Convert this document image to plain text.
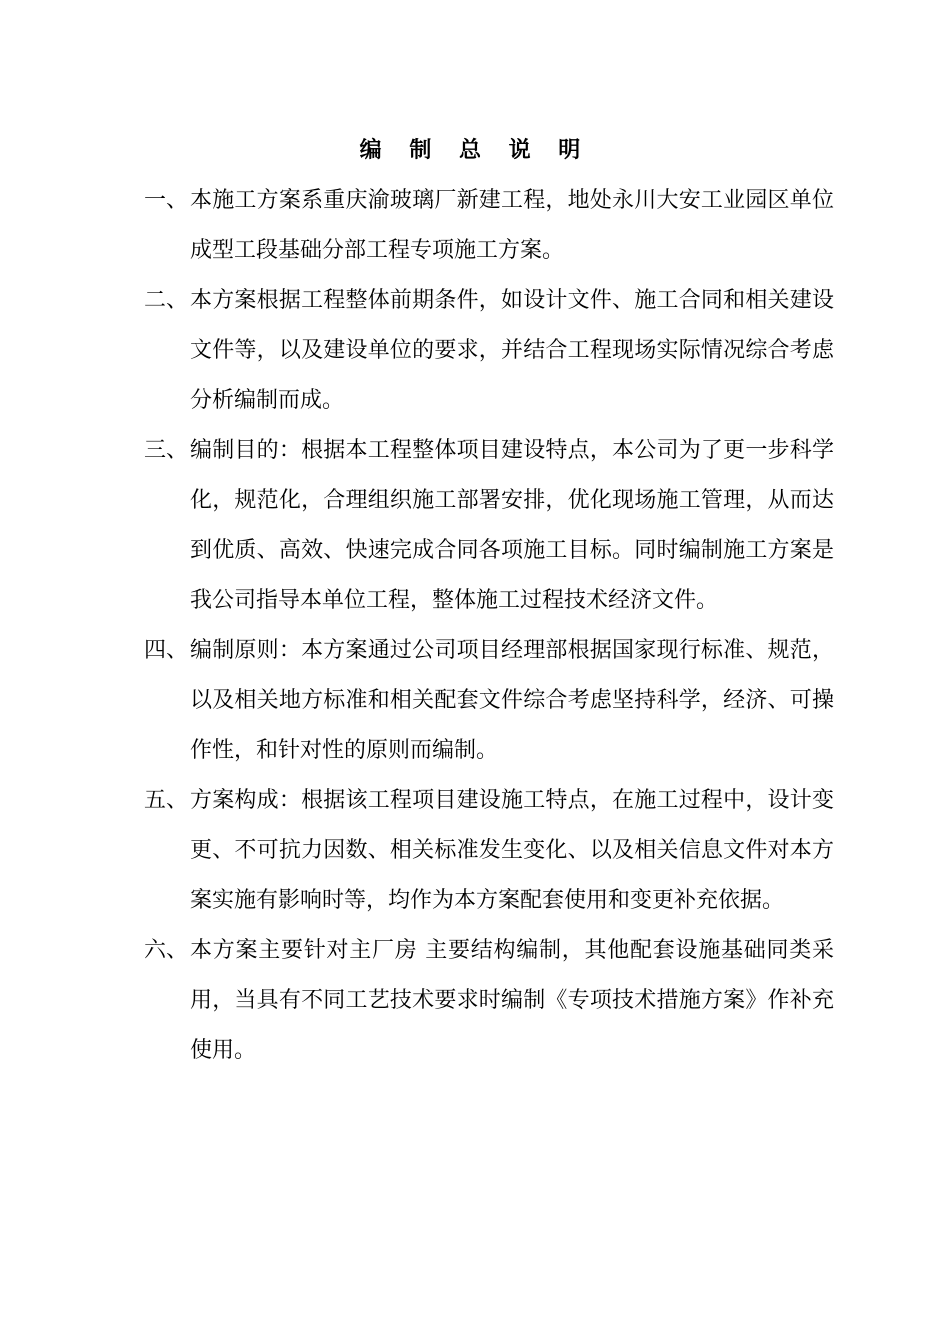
编 制 总 说 明

一、 本施工方案系重庆渝玻璃厂新建工程，地处永川大安工业园区单位成型工段基础分部工程专项施工方案。

二、 本方案根据工程整体前期条件，如设计文件、施工合同和相关建设文件等，以及建设单位的要求，并结合工程现场实际情况综合考虑分析编制而成。

三、 编制目的：根据本工程整体项目建设特点，本公司为了更一步科学化，规范化，合理组织施工部署安排，优化现场施工管理，从而达到优质、高效、快速完成合同各项施工目标。同时编制施工方案是我公司指导本单位工程，整体施工过程技术经济文件。

四、 编制原则：本方案通过公司项目经理部根据国家现行标准、规范，以及相关地方标准和相关配套文件综合考虑坚持科学，经济、可操作性，和针对性的原则而编制。

五、 方案构成：根据该工程项目建设施工特点，在施工过程中，设计变更、不可抗力因数、相关标准发生变化、以及相关信息文件对本方案实施有影响时等，均作为本方案配套使用和变更补充依据。

六、 本方案主要针对主厂房 主要结构编制，其他配套设施基础同类采用，当具有不同工艺技术要求时编制《专项技术措施方案》作补充使用。
